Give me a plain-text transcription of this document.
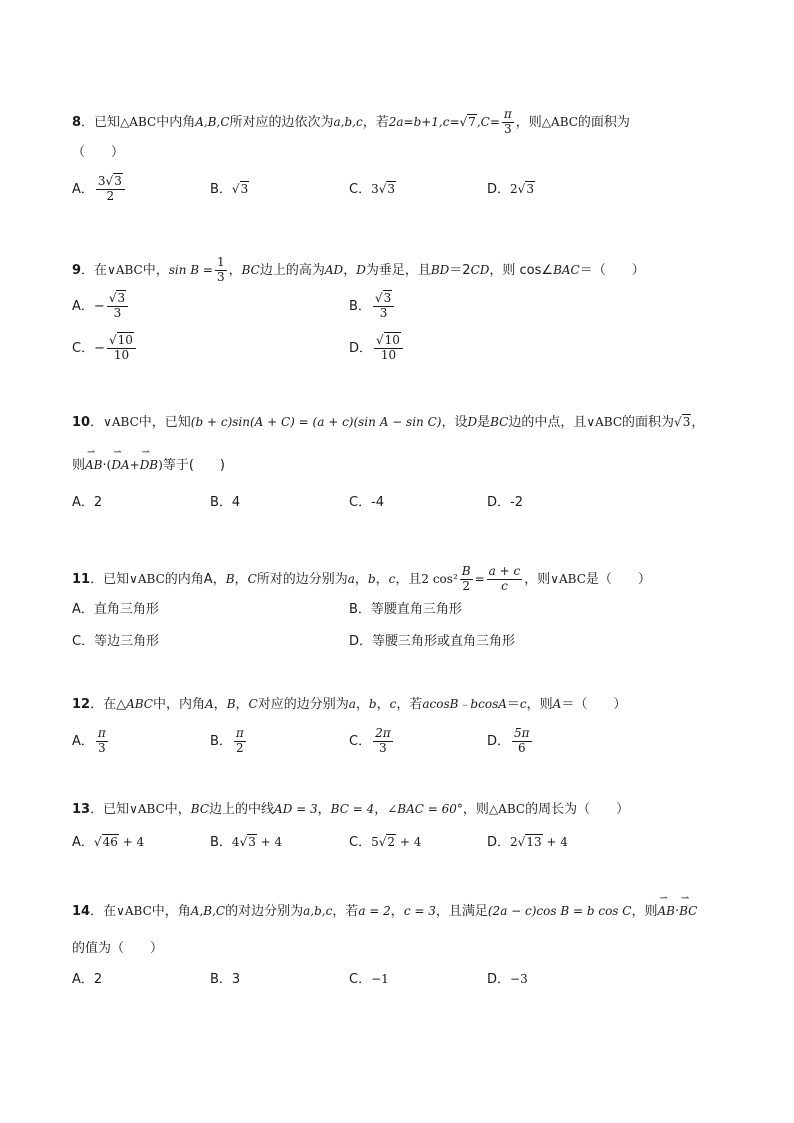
8．已知△ABC中内角A,B,C所对应的边依次为a,b,c，若$2a=b+1,c=√7,C= \frac{\pi}{3}$ ，则△ABC的面积为
（　　）
A． $\frac{3√3}{2}$	B．√3	C．3√3	D．2√3
9．在∨ABC中，$\sin B = \frac{1}{3}$ ，BC边上的高为AD，D为垂足，且BD＝2CD，则 cos∠BAC＝（　　）
A．− $\frac{√3}{3}$	B． $\frac{√3}{3}$
C．− $\frac{√10}{10}$	D． $\frac{√10}{10}$
10．∨ABC中，已知(b + c)sin(A + C) = (a + c)(sin A − sin C)，设D是BC边的中点，且∨ABC的面积为√3，
则⇀ AB·(⇀ DA+⇀ DB)等于(　　)
A．2	B．4	C．-4	D．-2
11．已知∨ABC的内角A，B，C所对的边分别为a，b，c，且2 $\cos^2 \frac{B}{2} = \frac{a + c}{c}$ ，则∨ABC是（　　）
A．直角三角形	B．等腰直角三角形
C．等边三角形	D．等腰三角形或直角三角形
12．在△ABC中，内角A，B，C对应的边分别为a，b，c，若acosB﹣bcosA＝c，则A＝（　　）
A． $\frac{\pi}{3}$	B． $\frac{\pi}{2}$	C． $\frac{2\pi}{3}$	D． $\frac{5\pi}{6}$
13．已知∨ABC中，BC边上的中线AD = 3，BC = 4，∠BAC = 60°，则△ABC的周长为（　　）
A．√46 + 4	B．4√3 + 4	C．5√2 + 4	D．2√13 + 4
14．在∨ABC中，角A,B,C的对边分别为a,b,c，若a = 2，c = 3，且满足(2a − c)cos B = b cos C，则⇀ AB·⇀ BC
的值为（　　）
A．2	B．3	C．−1	D．−3
